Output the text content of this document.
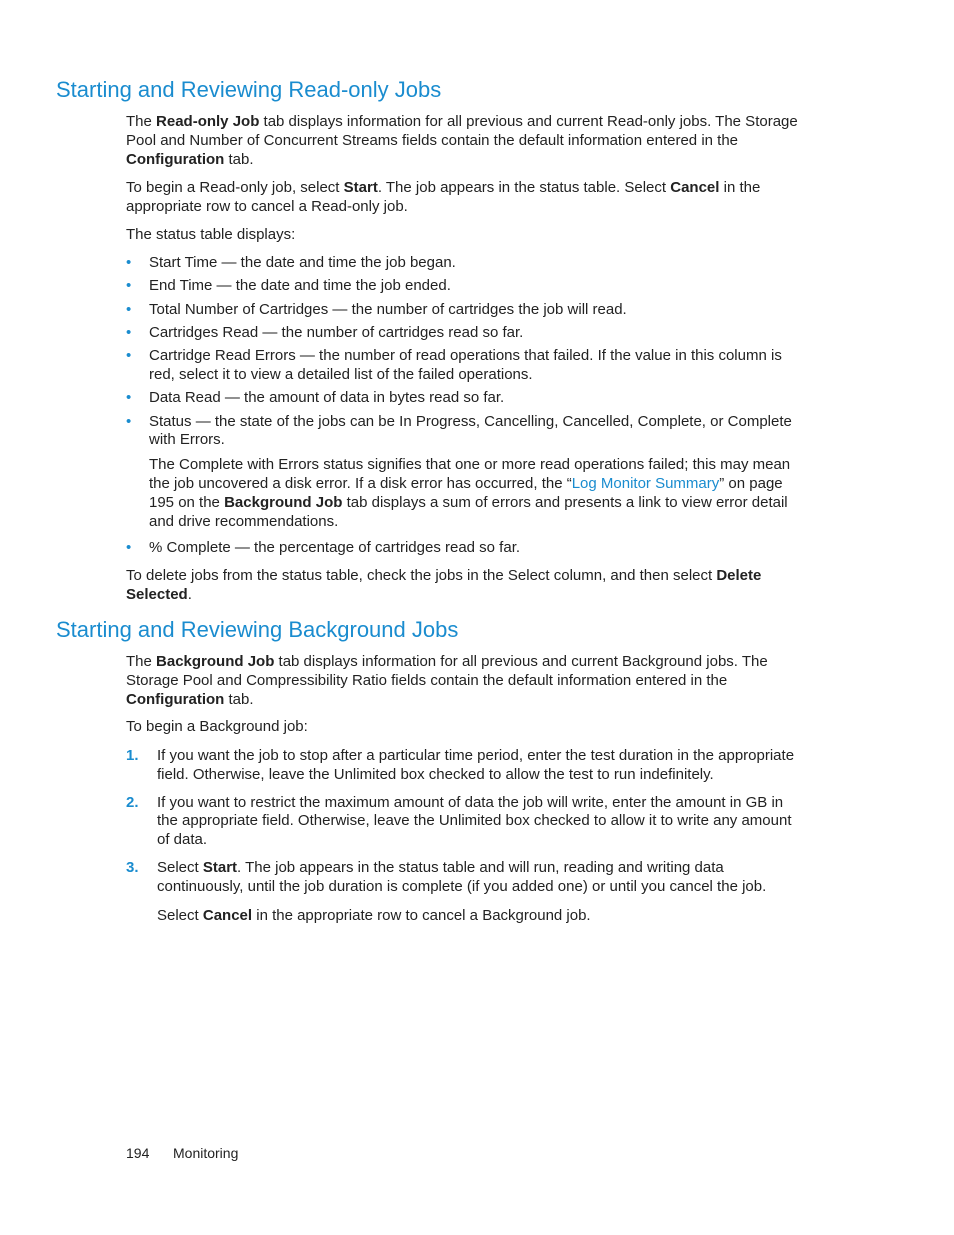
Starting and Reviewing Read-only Jobs

The Read-only Job tab displays information for all previous and current Read-only jobs. The Storage Pool and Number of Concurrent Streams fields contain the default information entered in the Configuration tab.

To begin a Read-only job, select Start. The job appears in the status table. Select Cancel in the appropriate row to cancel a Read-only job.

The status table displays:

• Start Time — the date and time the job began.
• End Time — the date and time the job ended.
• Total Number of Cartridges — the number of cartridges the job will read.
• Cartridges Read — the number of cartridges read so far.
• Cartridge Read Errors — the number of read operations that failed. If the value in this column is red, select it to view a detailed list of the failed operations.
• Data Read — the amount of data in bytes read so far.
• Status — the state of the jobs can be In Progress, Cancelling, Cancelled, Complete, or Complete with Errors.
The Complete with Errors status signifies that one or more read operations failed; this may mean the job uncovered a disk error. If a disk error has occurred, the “Log Monitor Summary” on page 195 on the Background Job tab displays a sum of errors and presents a link to view error detail and drive recommendations.
• % Complete — the percentage of cartridges read so far.

To delete jobs from the status table, check the jobs in the Select column, and then select Delete Selected.

Starting and Reviewing Background Jobs

The Background Job tab displays information for all previous and current Background jobs. The Storage Pool and Compressibility Ratio fields contain the default information entered in the Configuration tab.

To begin a Background job:

1. If you want the job to stop after a particular time period, enter the test duration in the appropriate field. Otherwise, leave the Unlimited box checked to allow the test to run indefinitely.
2. If you want to restrict the maximum amount of data the job will write, enter the amount in GB in the appropriate field. Otherwise, leave the Unlimited box checked to allow it to write any amount of data.
3. Select Start. The job appears in the status table and will run, reading and writing data continuously, until the job duration is complete (if you added one) or until you cancel the job.
Select Cancel in the appropriate row to cancel a Background job.
194 Monitoring
